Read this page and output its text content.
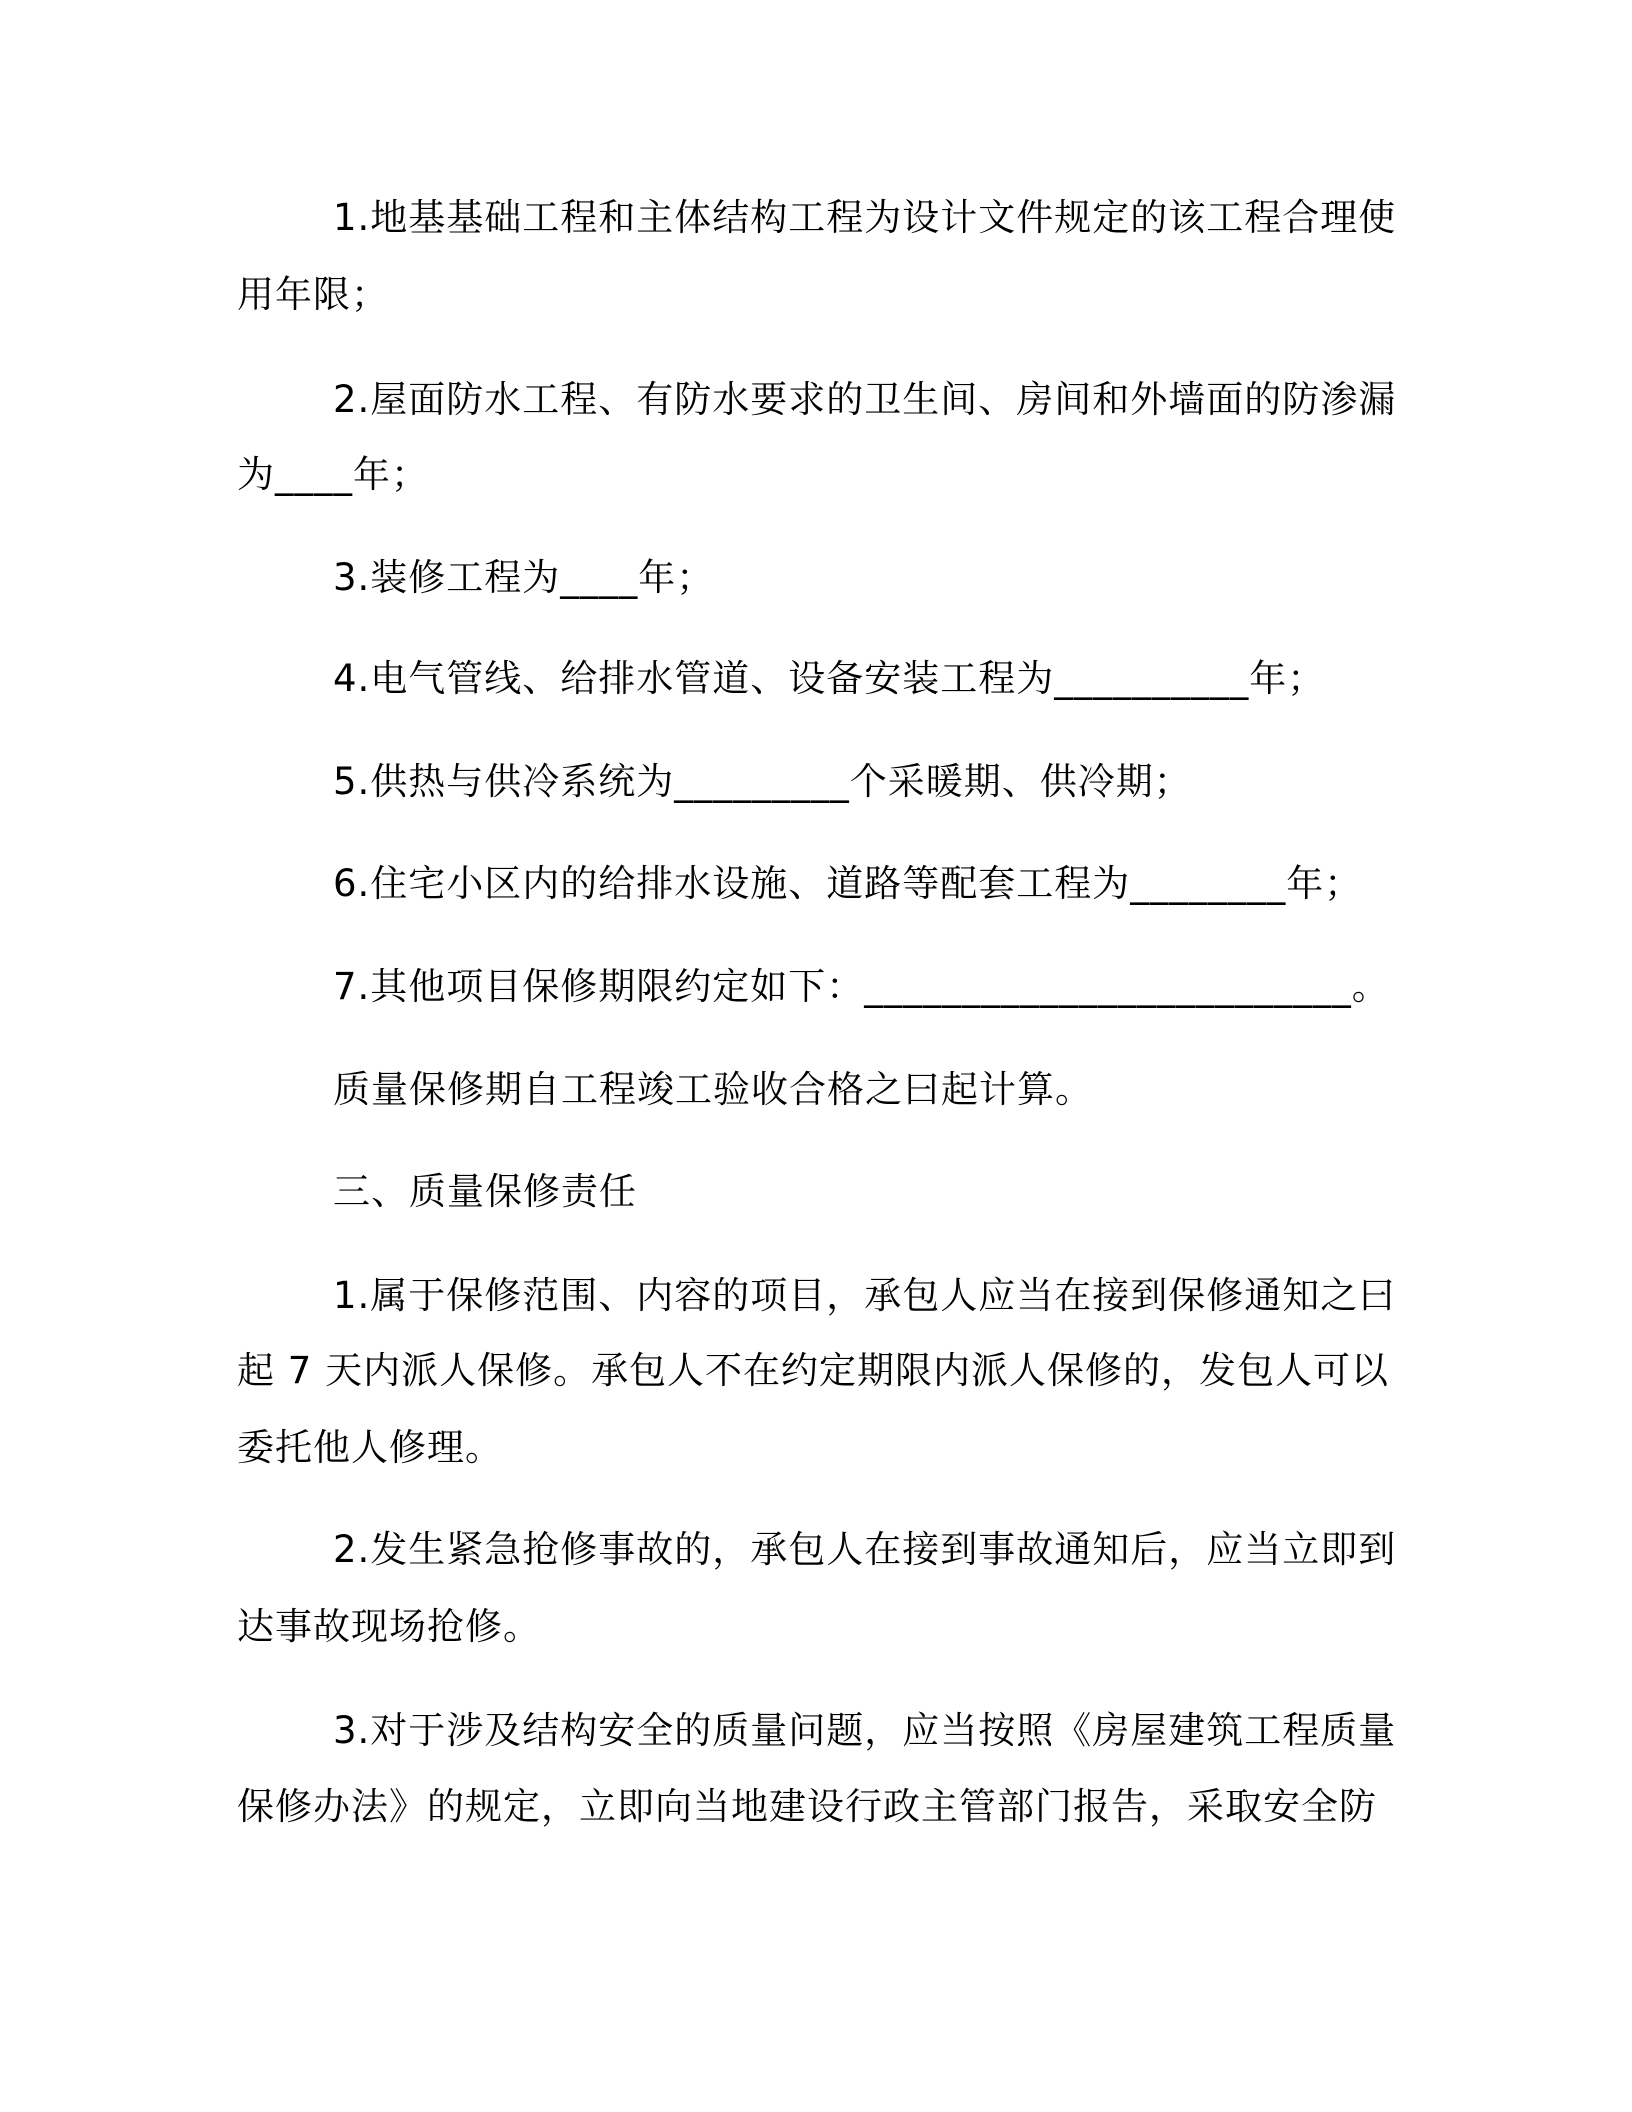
1.地基基础工程和主体结构工程为设计文件规定的该工程合理使
用年限；
2.屋面防水工程、有防水要求的卫生间、房间和外墙面的防渗漏
为____年；
3.装修工程为____年；
4.电气管线、给排水管道、设备安装工程为__________年；
5.供热与供冷系统为_________个采暖期、供冷期；
6.住宅小区内的给排水设施、道路等配套工程为________年；
7.其他项目保修期限约定如下：_________________________。
质量保修期自工程竣工验收合格之曰起计算。
三、质量保修责任
1.属于保修范围、内容的项目，承包人应当在接到保修通知之曰
起 7 天内派人保修。承包人不在约定期限内派人保修的，发包人可以
委托他人修理。
2.发生紧急抢修事故的，承包人在接到事故通知后，应当立即到
达事故现场抢修。
3.对于涉及结构安全的质量问题，应当按照《房屋建筑工程质量
保修办法》的规定，立即向当地建设行政主管部门报告，采取安全防
